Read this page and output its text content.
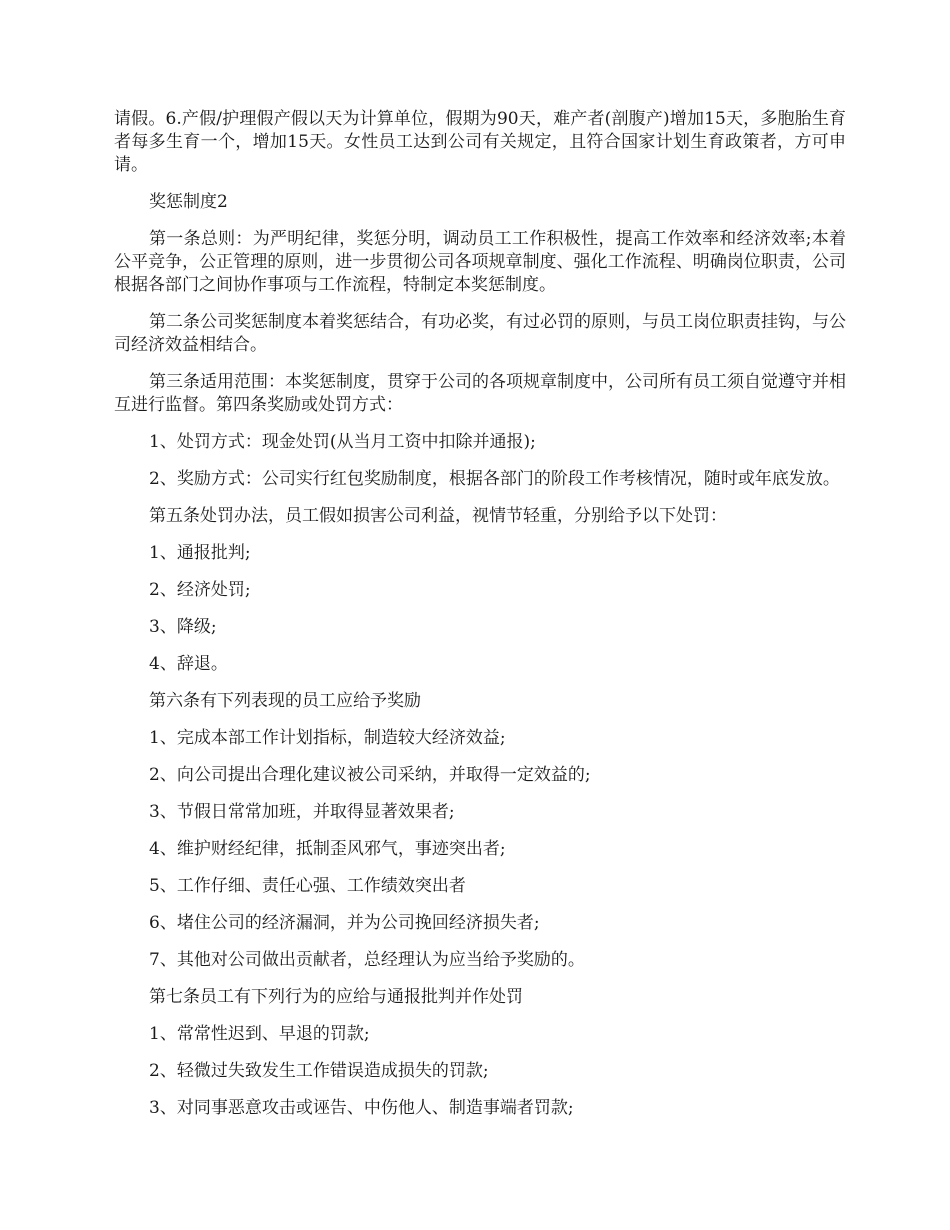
请假。6.产假/护理假产假以天为计算单位，假期为90天，难产者(剖腹产)增加15天，多胞胎生育者每多生育一个，增加15天。女性员工达到公司有关规定，且符合国家计划生育政策者，方可申请。

奖惩制度2

第一条总则：为严明纪律，奖惩分明，调动员工工作积极性，提高工作效率和经济效率;本着公平竞争，公正管理的原则，进一步贯彻公司各项规章制度、强化工作流程、明确岗位职责，公司根据各部门之间协作事项与工作流程，特制定本奖惩制度。

第二条公司奖惩制度本着奖惩结合，有功必奖，有过必罚的原则，与员工岗位职责挂钩，与公司经济效益相结合。

第三条适用范围：本奖惩制度，贯穿于公司的各项规章制度中，公司所有员工须自觉遵守并相互进行监督。第四条奖励或处罚方式：

1、处罚方式：现金处罚(从当月工资中扣除并通报);

2、奖励方式：公司实行红包奖励制度，根据各部门的阶段工作考核情况，随时或年底发放。

第五条处罚办法，员工假如损害公司利益，视情节轻重，分别给予以下处罚：

1、通报批判;

2、经济处罚;

3、降级;

4、辞退。

第六条有下列表现的员工应给予奖励

1、完成本部工作计划指标，制造较大经济效益;

2、向公司提出合理化建议被公司采纳，并取得一定效益的;

3、节假日常常加班，并取得显著效果者;

4、维护财经纪律，抵制歪风邪气，事迹突出者;

5、工作仔细、责任心强、工作绩效突出者

6、堵住公司的经济漏洞，并为公司挽回经济损失者;

7、其他对公司做出贡献者，总经理认为应当给予奖励的。

第七条员工有下列行为的应给与通报批判并作处罚

1、常常性迟到、早退的罚款;

2、轻微过失致发生工作错误造成损失的罚款;

3、对同事恶意攻击或诬告、中伤他人、制造事端者罚款;
